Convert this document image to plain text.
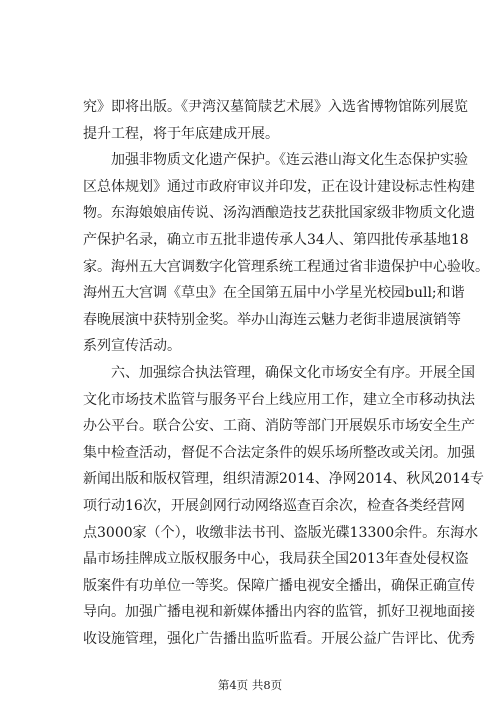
究》即将出版。《尹湾汉墓简牍艺术展》入选省博物馆陈列展览
提升工程，将于年底建成开展。
加强非物质文化遗产保护。《连云港山海文化生态保护实验
区总体规划》通过市政府审议并印发，正在设计建设标志性构建
物。东海娘娘庙传说、汤沟酒酿造技艺获批国家级非物质文化遗
产保护名录，确立市五批非遗传承人34人、第四批传承基地18
家。海州五大宫调数字化管理系统工程通过省非遗保护中心验收。
海州五大宫调《草虫》在全国第五届中小学星光校园bull;和谐
春晚展演中获特别金奖。举办山海连云魅力老街非遗展演销等
系列宣传活动。
六、加强综合执法管理，确保文化市场安全有序。开展全国
文化市场技术监管与服务平台上线应用工作，建立全市移动执法
办公平台。联合公安、工商、消防等部门开展娱乐市场安全生产
集中检查活动，督促不合法定条件的娱乐场所整改或关闭。加强
新闻出版和版权管理，组织清源2014、净网2014、秋风2014专
项行动16次，开展剑网行动网络巡查百余次，检查各类经营网
点3000家（个），收缴非法书刊、盗版光碟13300余件。东海水
晶市场挂牌成立版权服务中心，我局获全国2013年查处侵权盗
版案件有功单位一等奖。保障广播电视安全播出，确保正确宣传
导向。加强广播电视和新媒体播出内容的监管，抓好卫视地面接
收设施管理，强化广告播出监听监看。开展公益广告评比、优秀
第4页 共8页
